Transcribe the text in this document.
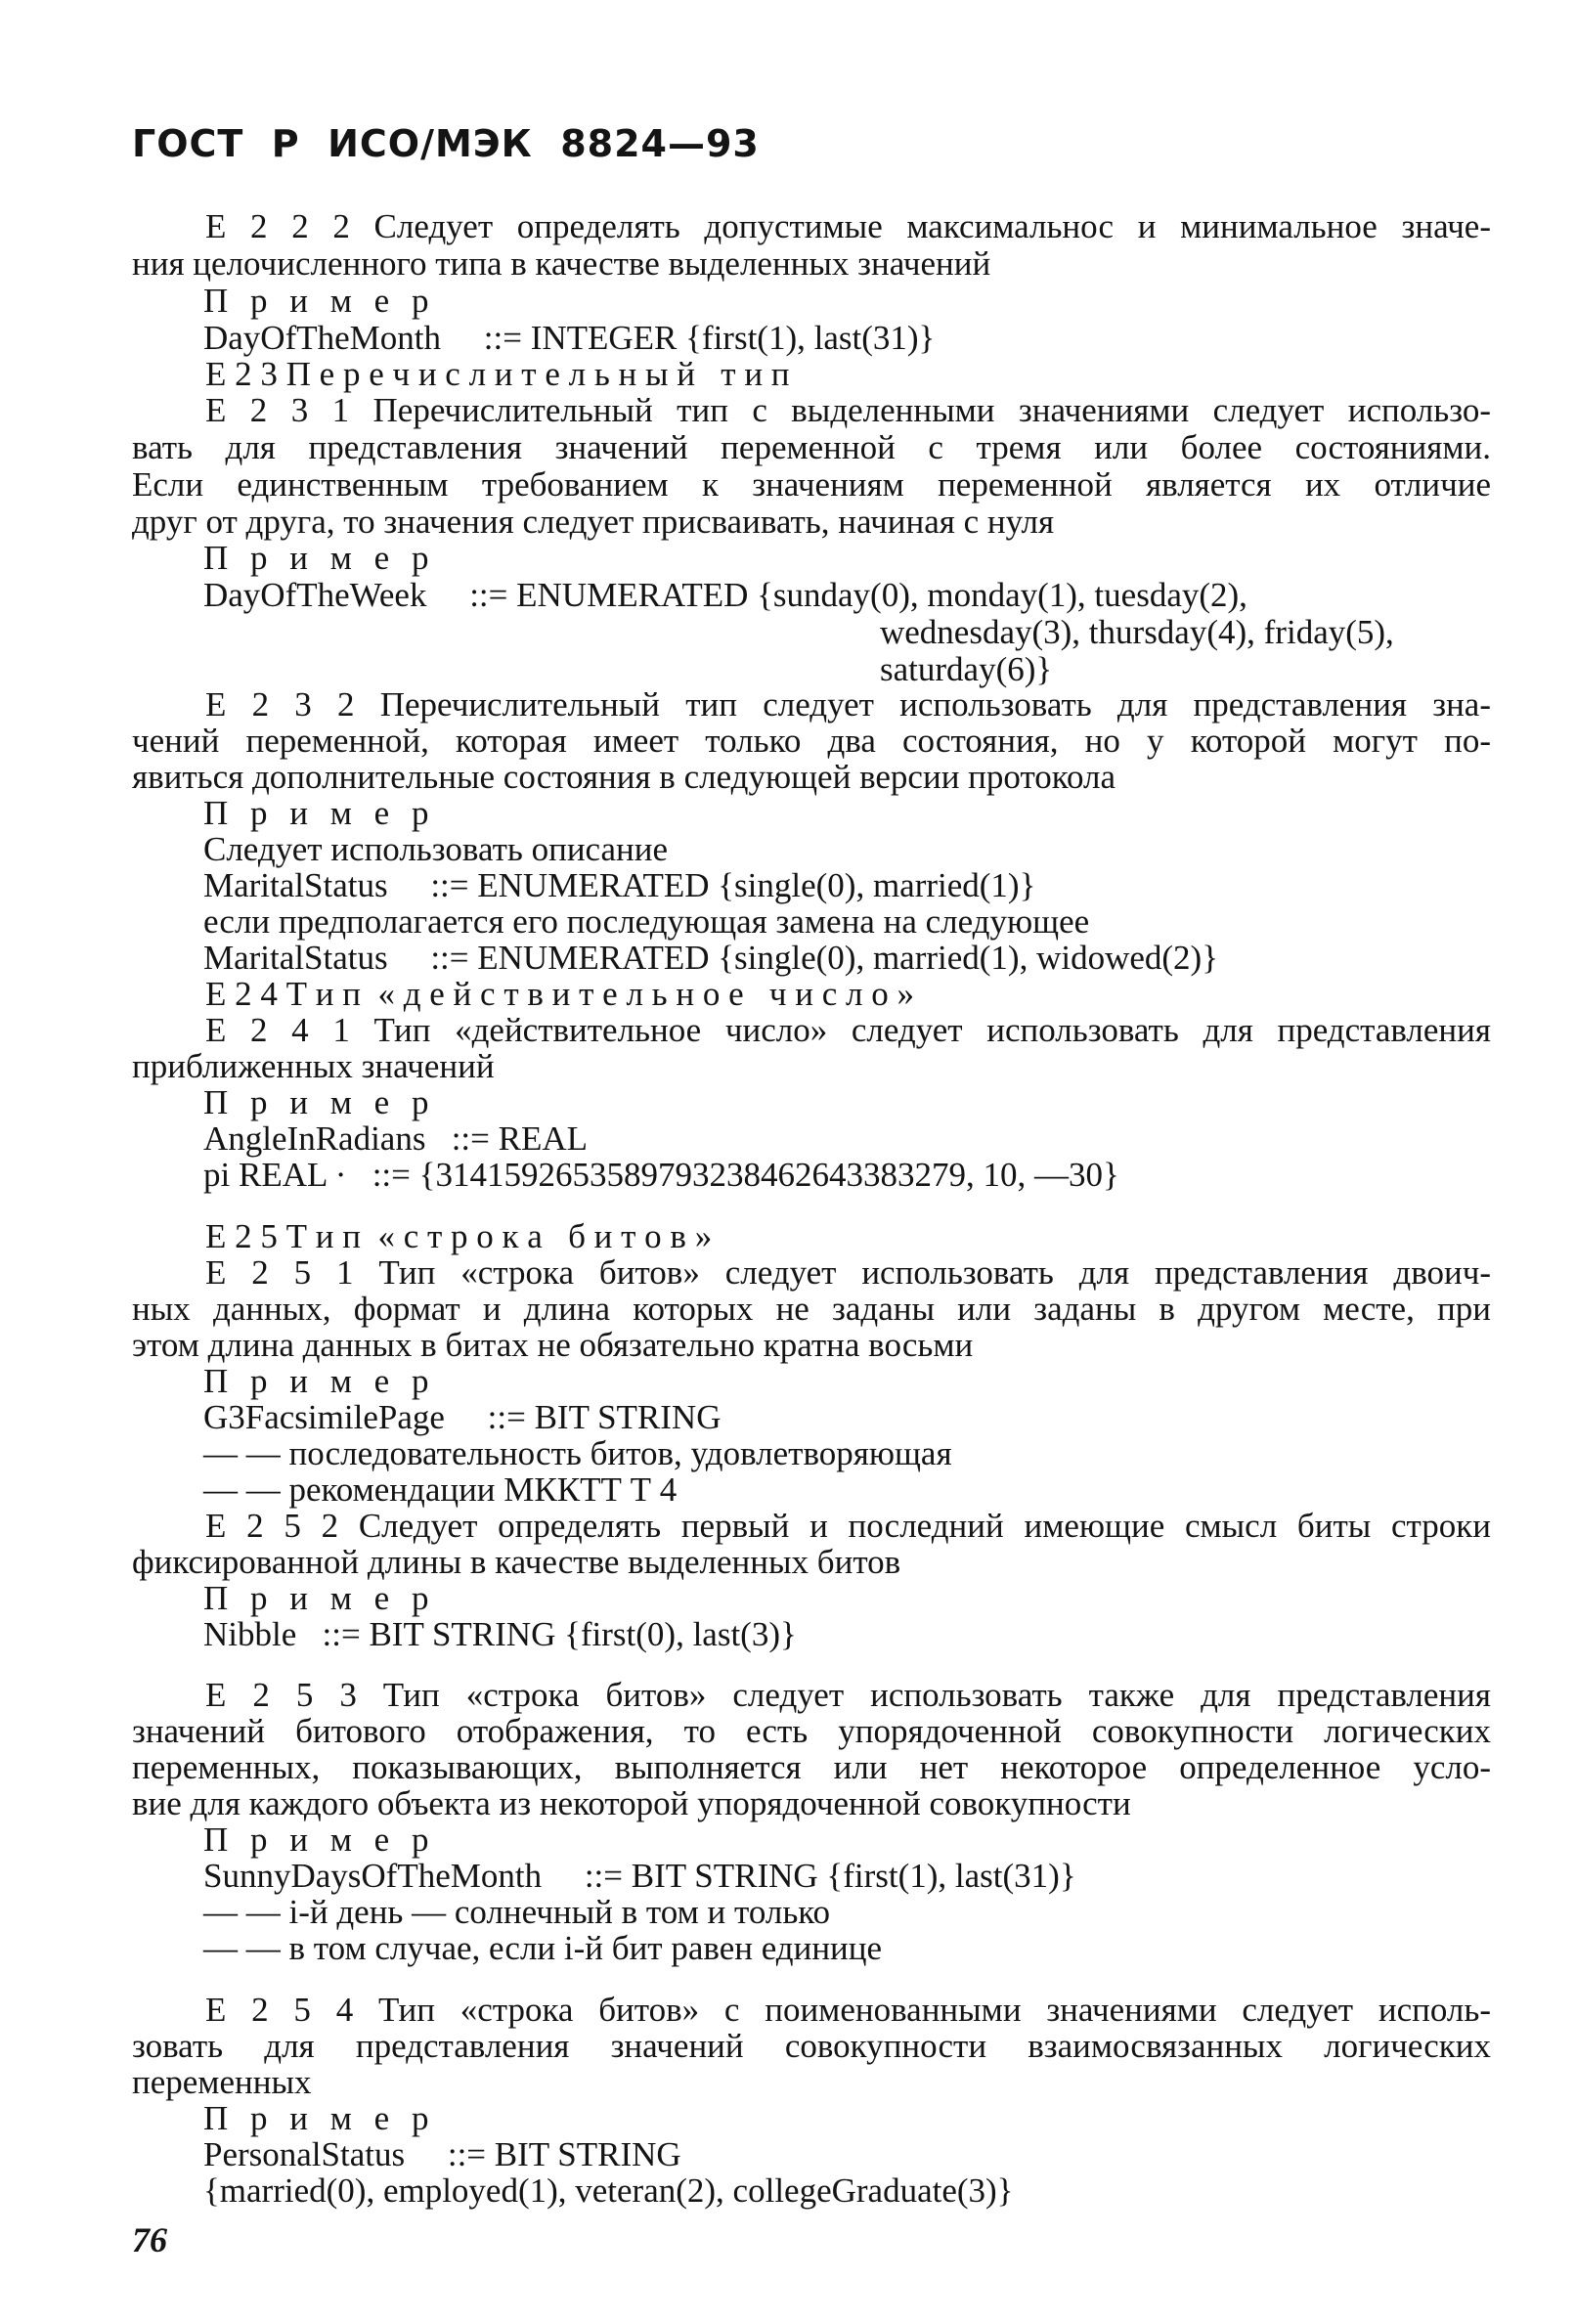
ГОСТ  Р  ИСО/МЭК  8824—93
Е 2 2 2 Следует определять допустимые максимальнос и минимальное значе-
ния целочисленного типа в качестве выделенных значений
П р и м е р
DayOfTheMonth     ::= INTEGER {first(1), last(31)}
Е 2 3 П е р е ч и с л и т е л ь н ы й   т и п
Е 2 3 1 Перечислительный тип с выделенными значениями следует использо-
вать для представления значений переменной с тремя или более состояниями.
Если единственным требованием к значениям переменной является их отличие
друг от друга, то значения следует присваивать, начиная с нуля
П р и м е р
DayOfTheWeek     ::= ENUMERATED {sunday(0), monday(1), tuesday(2),
wednesday(3), thursday(4), friday(5),
saturday(6)}
Е 2 3 2 Перечислительный тип следует использовать для представления зна-
чений переменной, которая имеет только два состояния, но у которой могут по-
явиться дополнительные состояния в следующей версии протокола
П р и м е р
Следует использовать описание
MaritalStatus     ::= ENUMERATED {single(0), married(1)}
если предполагается его последующая замена на следующее
MaritalStatus     ::= ENUMERATED {single(0), married(1), widowed(2)}
Е 2 4 Т и п  « д е й с т в и т е л ь н о е   ч и с л о »
Е 2 4 1 Тип «действительное число» следует использовать для представления
приближенных значений
П р и м е р
AngleInRadians   ::= REAL
pi REAL ·   ::= {3141592653589793238462643383279, 10, —30}
Е 2 5 Т и п  « с т р о к а   б и т о в »
Е 2 5 1 Тип «строка битов» следует использовать для представления двоич-
ных данных, формат и длина которых не заданы или заданы в другом месте, при
этом длина данных в битах не обязательно кратна восьми
П р и м е р
G3FacsimilePage     ::= BIT STRING
— — последовательность битов, удовлетворяющая
— — рекомендации МККТТ Т 4
Е 2 5 2 Следует определять первый и последний имеющие смысл биты строки
фиксированной длины в качестве выделенных битов
П р и м е р
Nibble   ::= BIT STRING {first(0), last(3)}
Е 2 5 3 Тип «строка битов» следует использовать также для представления
значений битового отображения, то есть упорядоченной совокупности логических
переменных, показывающих, выполняется или нет некоторое определенное усло-
вие для каждого объекта из некоторой упорядоченной совокупности
П р и м е р
SunnyDaysOfTheMonth     ::= BIT STRING {first(1), last(31)}
— — i-й день — солнечный в том и только
— — в том случае, если i-й бит равен единице
Е 2 5 4 Тип «строка битов» с поименованными значениями следует исполь-
зовать для представления значений совокупности взаимосвязанных логических
переменных
П р и м е р
PersonalStatus     ::= BIT STRING
{married(0), employed(1), veteran(2), collegeGraduate(3)}
76
